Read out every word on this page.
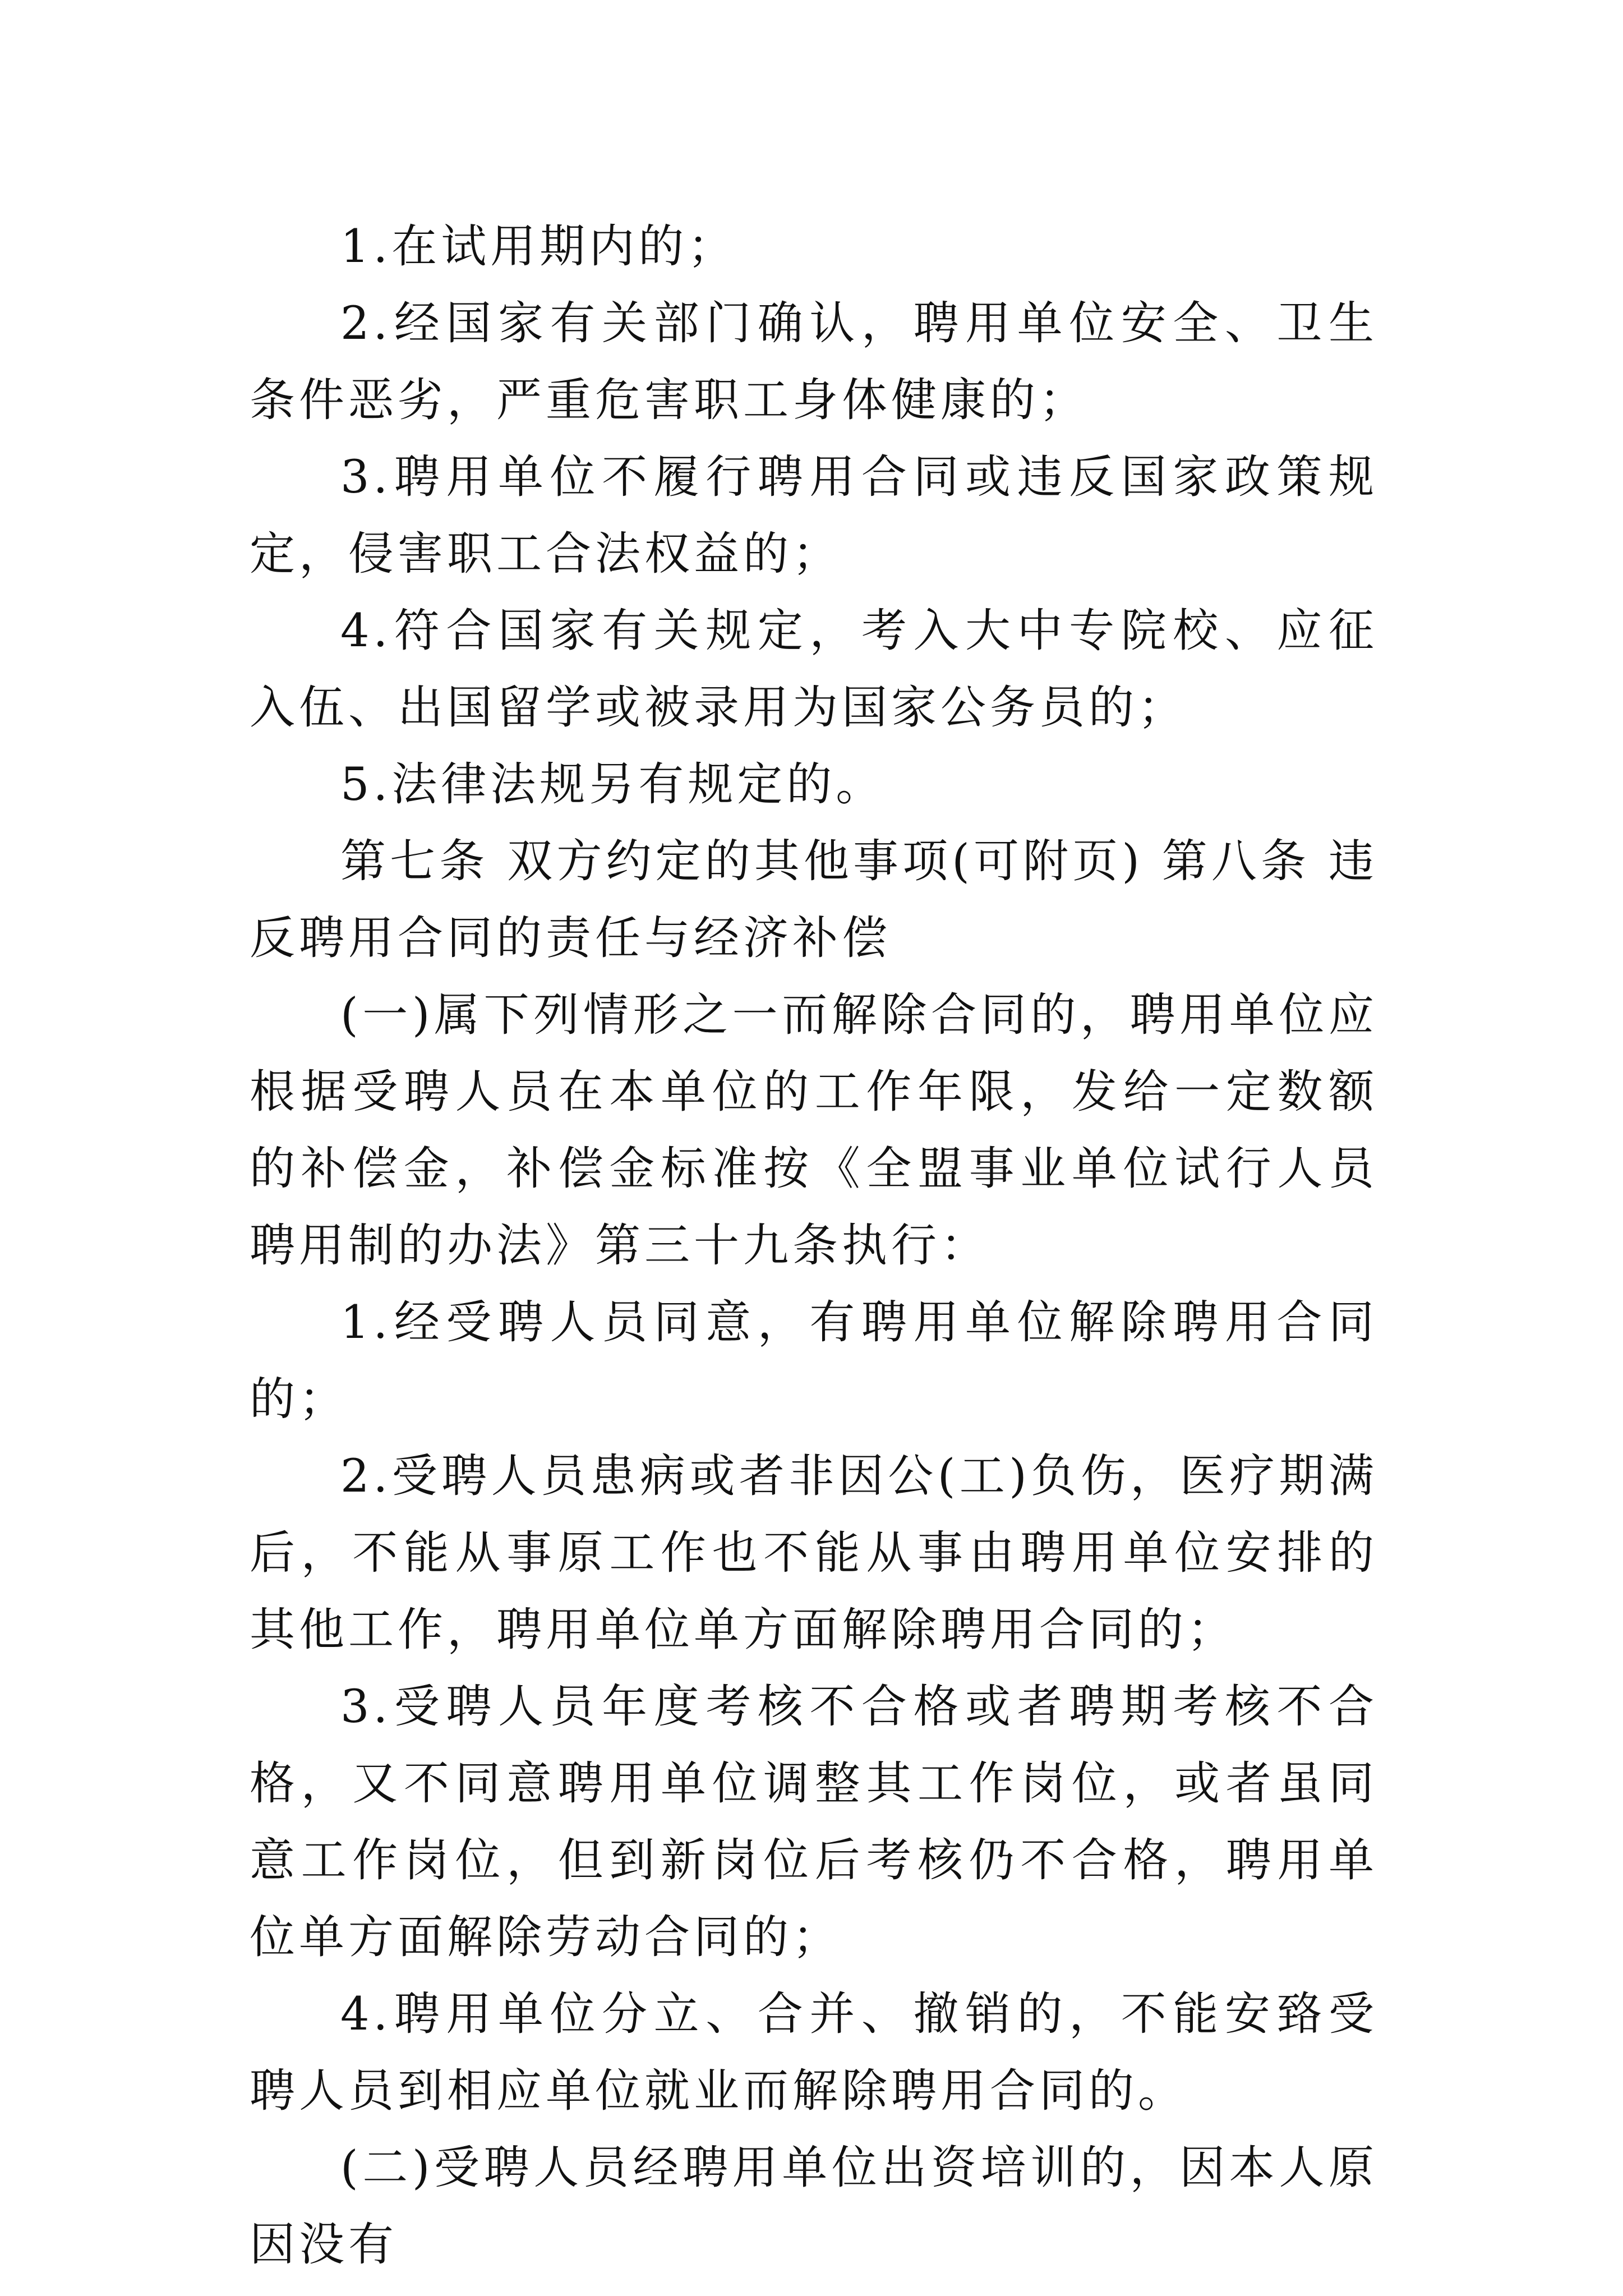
1.在试用期内的；

2.经国家有关部门确认，聘用单位安全、卫生条件恶劣，严重危害职工身体健康的；

3.聘用单位不履行聘用合同或违反国家政策规定，侵害职工合法权益的；

4.符合国家有关规定，考入大中专院校、应征入伍、出国留学或被录用为国家公务员的；

5.法律法规另有规定的。

第七条 双方约定的其他事项(可附页) 第八条 违反聘用合同的责任与经济补偿

(一)属下列情形之一而解除合同的，聘用单位应根据受聘人员在本单位的工作年限，发给一定数额的补偿金，补偿金标准按《全盟事业单位试行人员聘用制的办法》第三十九条执行：

1.经受聘人员同意，有聘用单位解除聘用合同的；

2.受聘人员患病或者非因公(工)负伤，医疗期满后，不能从事原工作也不能从事由聘用单位安排的其他工作，聘用单位单方面解除聘用合同的；

3.受聘人员年度考核不合格或者聘期考核不合格，又不同意聘用单位调整其工作岗位，或者虽同意工作岗位，但到新岗位后考核仍不合格，聘用单位单方面解除劳动合同的；

4.聘用单位分立、合并、撤销的，不能安臵受聘人员到相应单位就业而解除聘用合同的。

(二)受聘人员经聘用单位出资培训的，因本人原因没有
